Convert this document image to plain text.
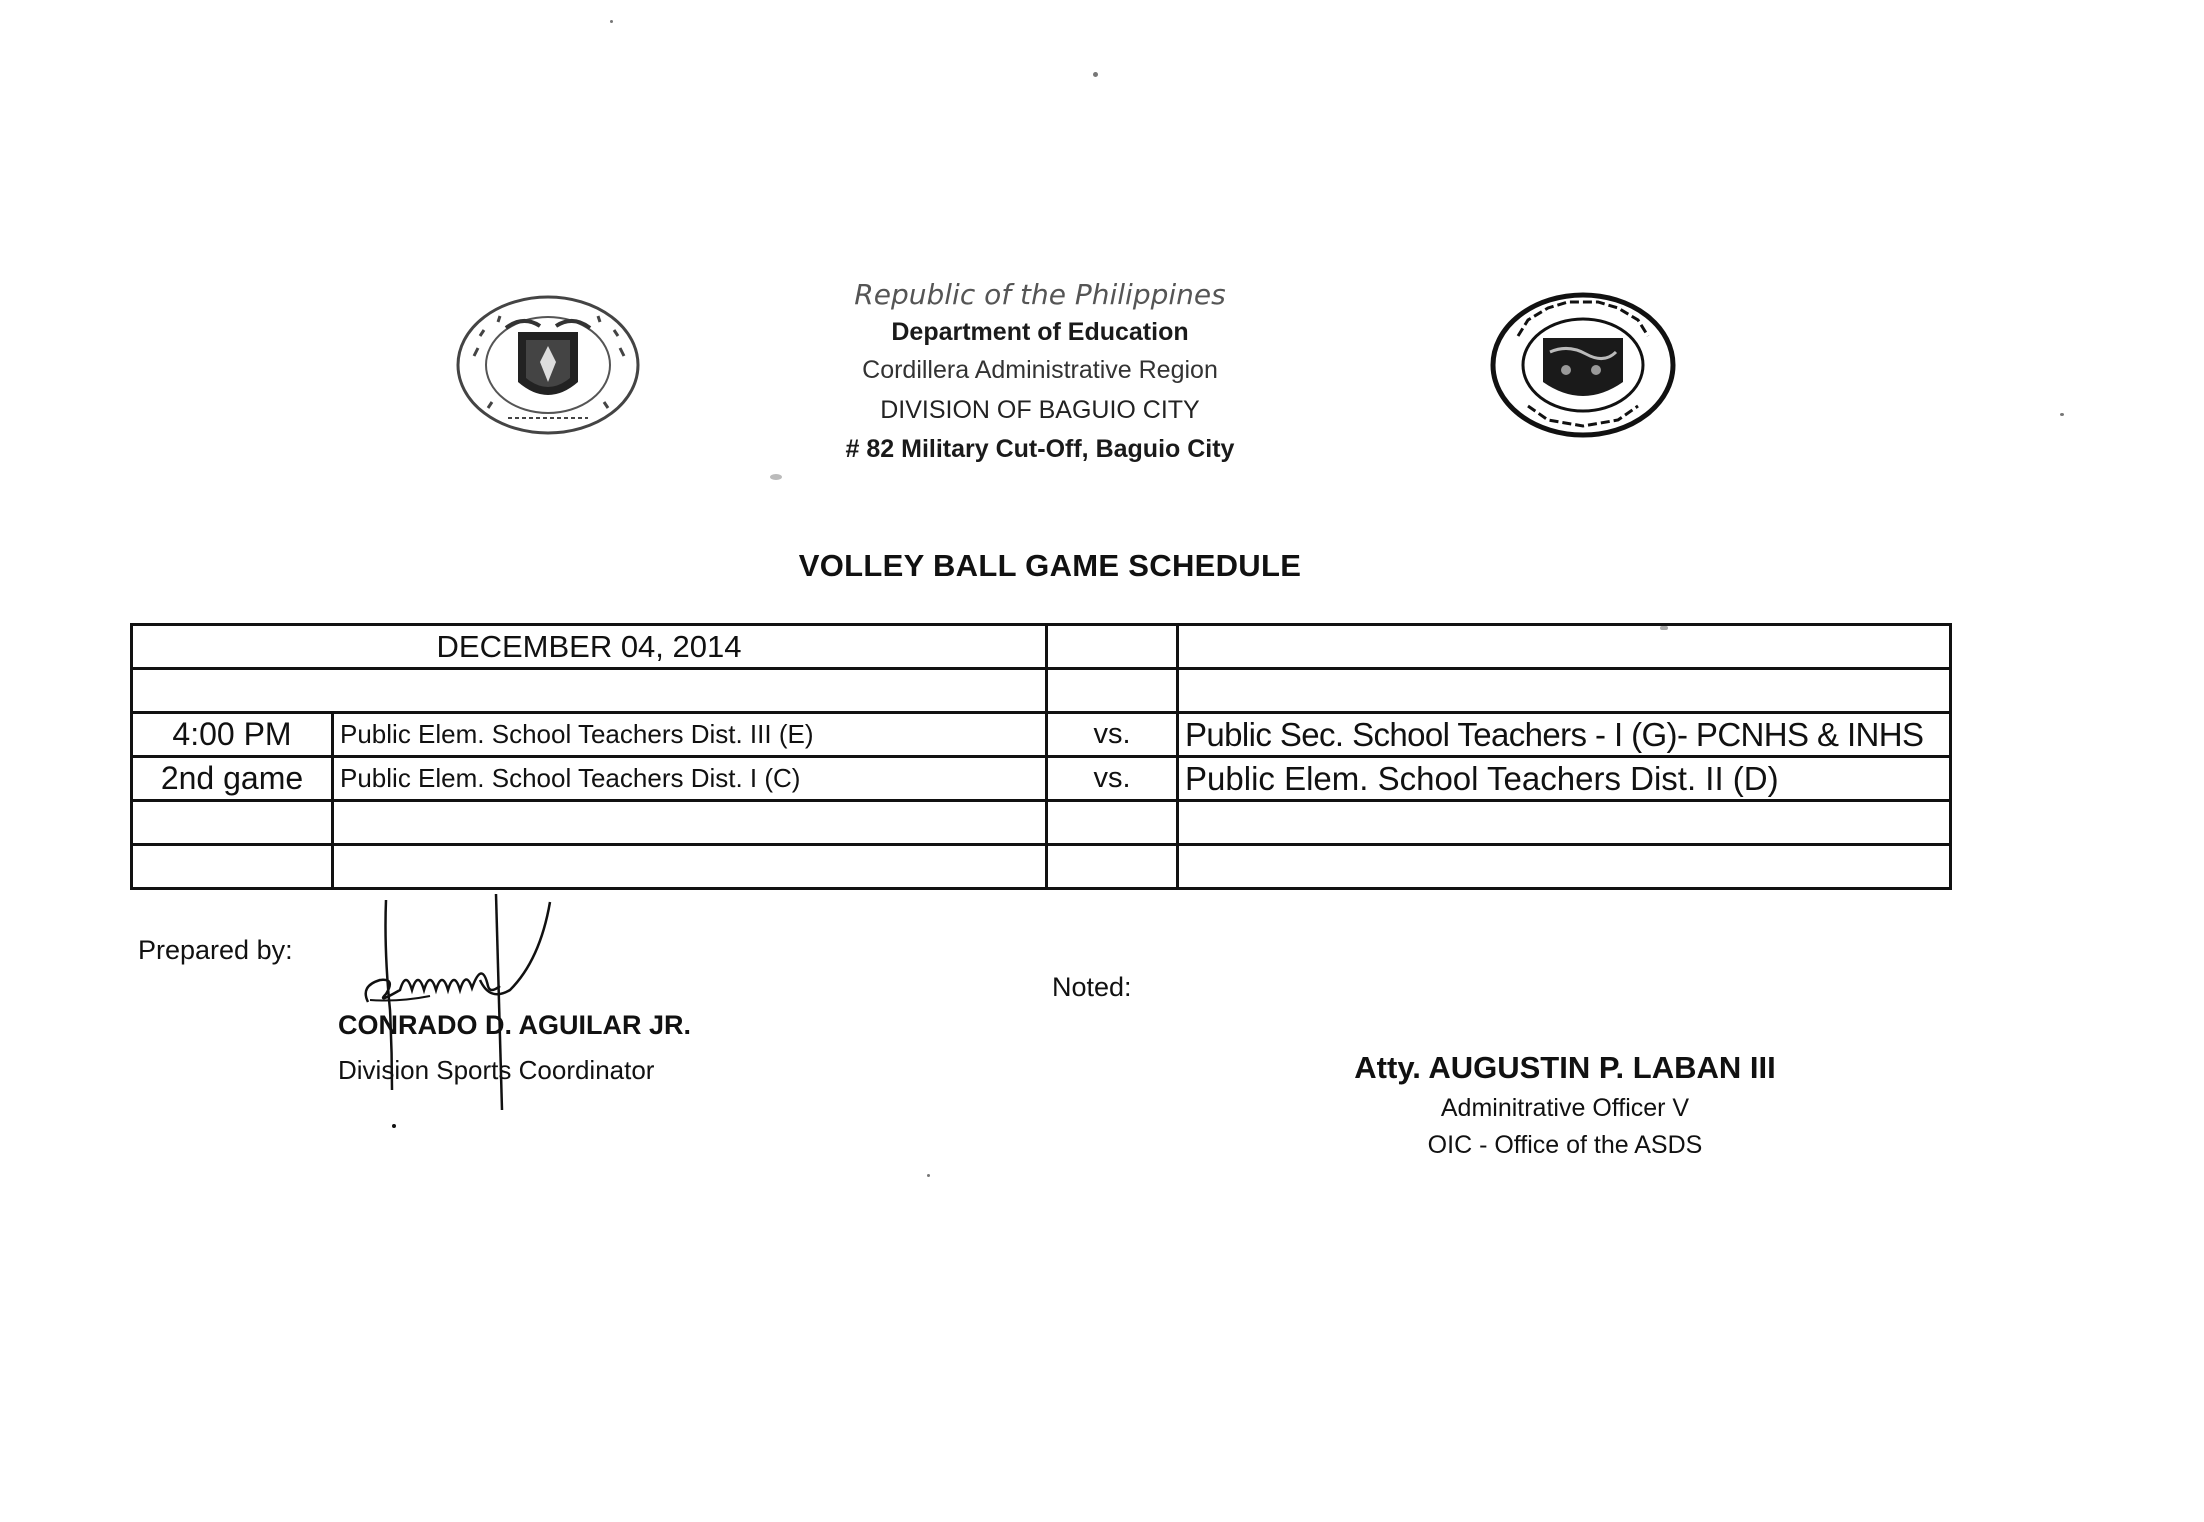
Republic of the Philippines
Department of Education
Cordillera Administrative Region
DIVISION OF BAGUIO CITY
# 82 Military Cut-Off, Baguio City
VOLLEY BALL GAME SCHEDULE
DECEMBER 04, 2014			

4:00 PM	Public Elem. School Teachers Dist. III (E)	vs.	Public Sec. School Teachers - I (G)- PCNHS & INHS
2nd game	Public Elem. School Teachers Dist. I (C)	vs.	Public Elem. School Teachers Dist. II (D)

Prepared by:
CONRADO D. AGUILAR JR.
Division Sports Coordinator
Noted:
Atty. AUGUSTIN P. LABAN III
Adminitrative Officer V
OIC - Office of the ASDS
